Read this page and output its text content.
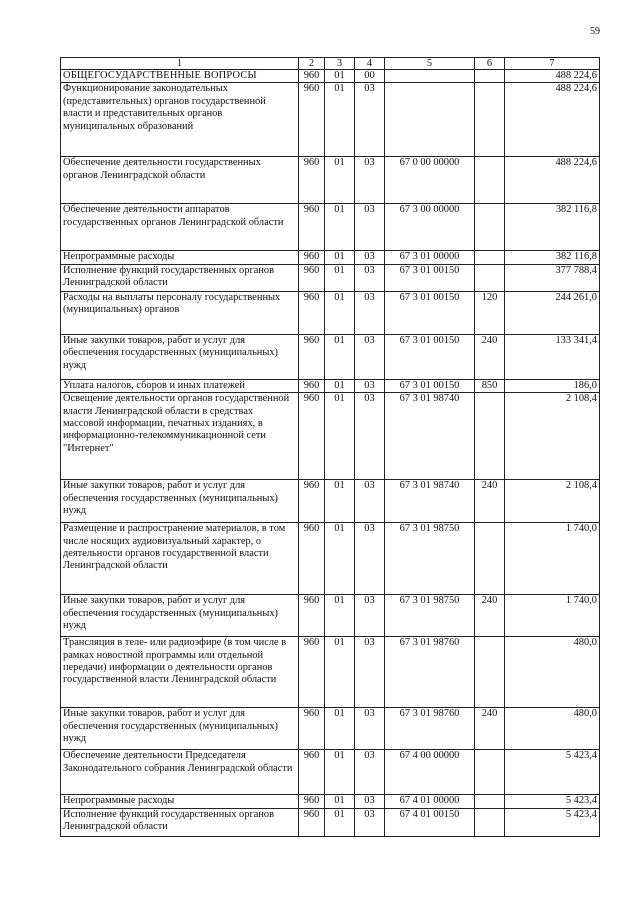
59
1	2	3	4	5	6	7
ОБЩЕГОСУДАРСТВЕННЫЕ ВОПРОСЫ	960	01	00			488 224,6
Функционирование законодательных (представительных) органов государственной власти и представительных органов муниципальных образований	960	01	03			488 224,6
Обеспечение деятельности государственных органов Ленинградской области	960	01	03	67 0 00 00000		488 224,6
Обеспечение деятельности аппаратов государственных органов Ленинградской области	960	01	03	67 3 00 00000		382 116,8
Непрограммные расходы	960	01	03	67 3 01 00000		382 116,8
Исполнение функций государственных органов Ленинградской области	960	01	03	67 3 01 00150		377 788,4
Расходы на выплаты персоналу государственных (муниципальных) органов	960	01	03	67 3 01 00150	120	244 261,0
Иные закупки товаров, работ и услуг для обеспечения государственных (муниципальных) нужд	960	01	03	67 3 01 00150	240	133 341,4
Уплата налогов, сборов и иных платежей	960	01	03	67 3 01 00150	850	186,0
Освещение деятельности органов государственной власти Ленинградской области в средствах массовой информации, печатных изданиях, в информационно-телекоммуникационной сети "Интернет"	960	01	03	67 3 01 98740		2 108,4
Иные закупки товаров, работ и услуг для обеспечения государственных (муниципальных) нужд	960	01	03	67 3 01 98740	240	2 108,4
Размещение и распространение материалов, в том числе носящих аудиовизуальный характер, о деятельности органов государственной власти Ленинградской области	960	01	03	67 3 01 98750		1 740,0
Иные закупки товаров, работ и услуг для обеспечения государственных (муниципальных) нужд	960	01	03	67 3 01 98750	240	1 740,0
Трансляция в теле- или радиоэфире (в том числе в рамках новостной программы или отдельной передачи) информации о деятельности органов государственной власти Ленинградской области	960	01	03	67 3 01 98760		480,0
Иные закупки товаров, работ и услуг для обеспечения государственных (муниципальных) нужд	960	01	03	67 3 01 98760	240	480,0
Обеспечение деятельности Председателя Законодательного собрания Ленинградской области	960	01	03	67 4 00 00000		5 423,4
Непрограммные расходы	960	01	03	67 4 01 00000		5 423,4
Исполнение функций государственных органов Ленинградской области	960	01	03	67 4 01 00150		5 423,4
